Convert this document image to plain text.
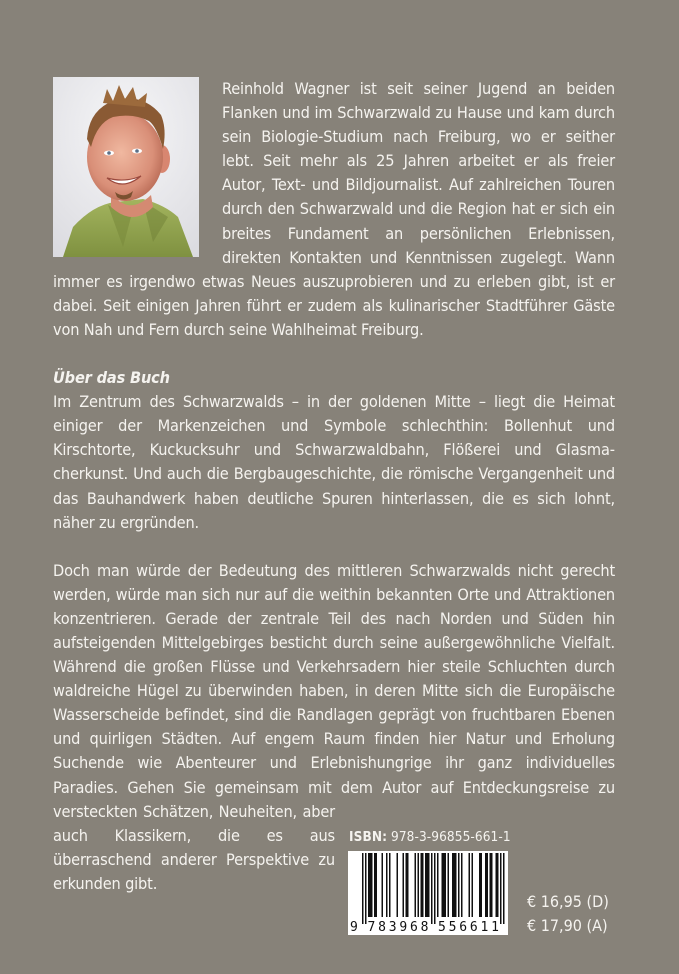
Reinhold Wagner ist seit seiner Jugend an beiden Flanken und im Schwarzwald zu Hause und kam durch sein Biologie-Studium nach Freiburg, wo er seither lebt. Seit mehr als 25 Jahren arbeitet er als freier Autor, Text- und Bildjournalist. Auf zahlreichen Touren durch den Schwarzwald und die Region hat er sich ein breites Fundament an persönlichen Erlebnissen, direkten Kontakten und Kenntnissen zugelegt. Wann immer es irgendwo etwas Neues auszuprobieren und zu erleben gibt, ist er dabei. Seit einigen Jahren führt er zudem als kulinarischer Stadtführer Gäste von Nah und Fern durch seine Wahlheimat Freiburg.

Über das Buch

Im Zentrum des Schwarzwalds – in der goldenen Mitte – liegt die Heimat einiger der Markenzeichen und Symbole schlechthin: Bollenhut und Kirschtorte, Kuckucksuhr und Schwarzwaldbahn, Flößerei und Glasmacherkunst. Und auch die Bergbaugeschichte, die römische Vergangenheit und das Bauhandwerk haben deutliche Spuren hinterlassen, die es sich lohnt, näher zu ergründen.

Doch man würde der Bedeutung des mittleren Schwarzwalds nicht gerecht werden, würde man sich nur auf die weithin bekannten Orte und Attraktionen konzentrieren. Gerade der zentrale Teil des nach Norden und Süden hin aufsteigenden Mittelgebirges besticht durch seine außergewöhnliche Vielfalt. Während die großen Flüsse und Verkehrsadern hier steile Schluchten durch waldreiche Hügel zu überwinden haben, in deren Mitte sich die Europäische Wasserscheide befindet, sind die Randlagen geprägt von fruchtbaren Ebenen und quirligen Städten. Auf engem Raum finden hier Natur und Erholung Suchende wie Abenteurer und Erlebnishungrige ihr ganz individuelles Paradies. Gehen Sie gemeinsam mit dem Autor auf Entdeckungsreise zu versteckten Schät
zen, Neuheiten, aber auch Klassikern, die es aus überraschend anderer Perspektive zu erkunden gibt.

ISBN: 978-3-96855-661-1
9 783968 556611
€ 16,95 (D)
€ 17,90 (A)
